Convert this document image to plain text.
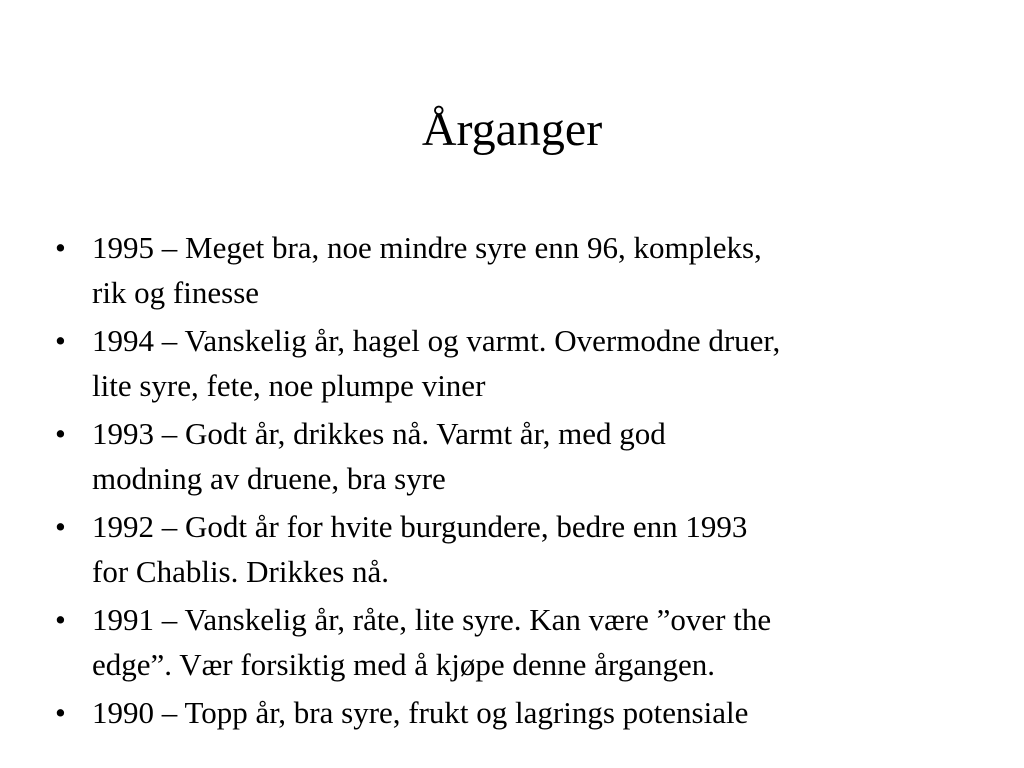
Årganger
• 1995 – Meget bra, noe mindre syre enn 96, kompleks,
rik og finesse
• 1994 – Vanskelig år, hagel og varmt. Overmodne druer,
lite syre, fete, noe plumpe viner
• 1993 – Godt år, drikkes nå. Varmt år, med god
modning av druene, bra syre
• 1992 – Godt år for hvite burgundere, bedre enn 1993
for Chablis. Drikkes nå.
• 1991 – Vanskelig år, råte, lite syre. Kan være ”over the
edge”. Vær forsiktig med å kjøpe denne årgangen.
• 1990 – Topp år, bra syre, frukt og lagrings potensiale
